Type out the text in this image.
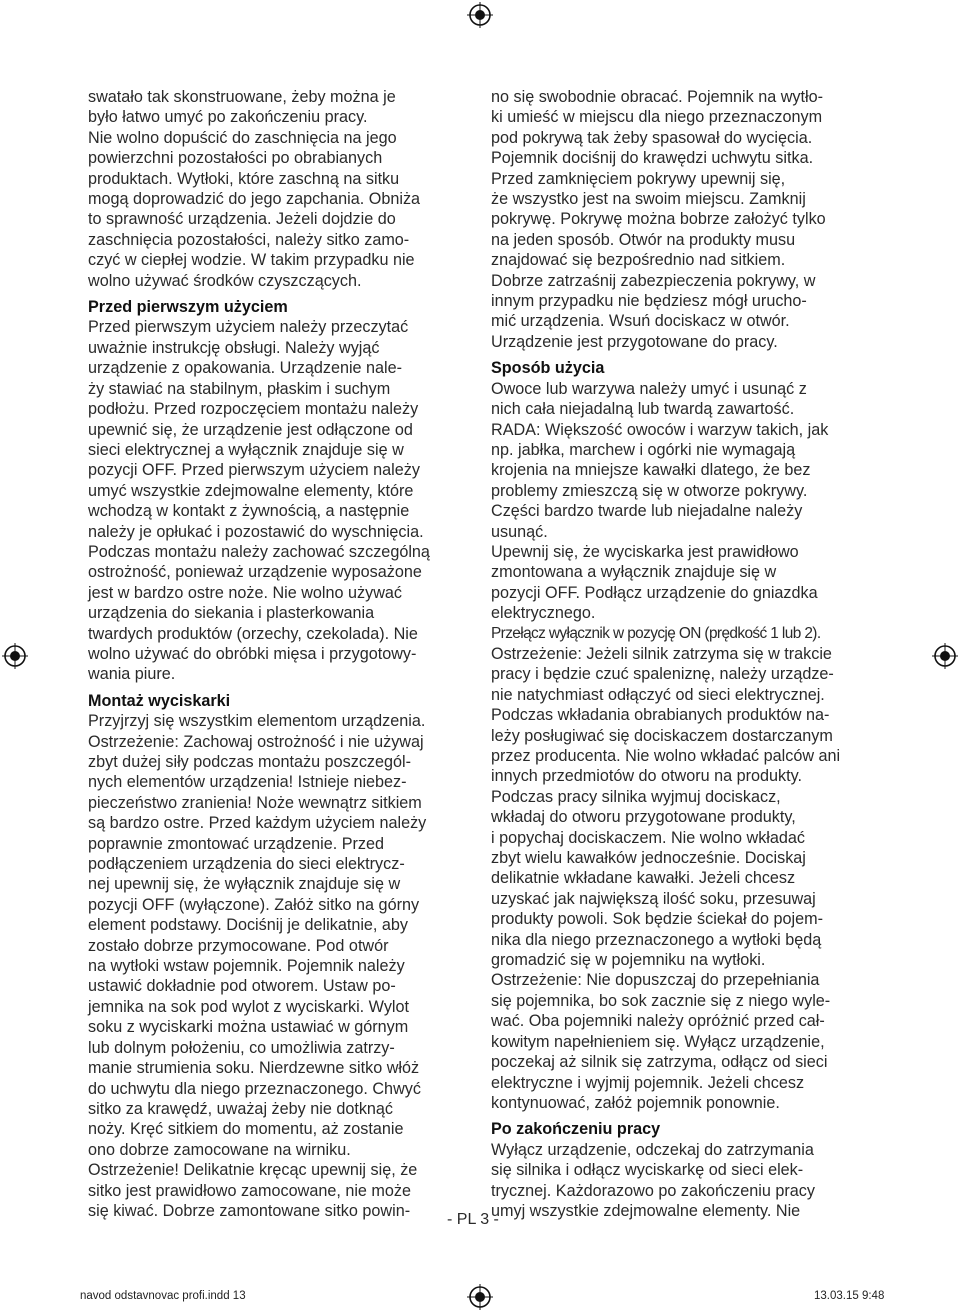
swatało tak skonstruowane, żeby można je
było łatwo umyć po zakończeniu pracy.
Nie wolno dopuścić do zaschnięcia na jego
powierzchni pozostałości po obrabianych
produktach. Wytłoki, które zaschną na sitku
mogą doprowadzić do jego zapchania. Obniża
to sprawność urządzenia. Jeżeli dojdzie do
zaschnięcia pozostałości, należy sitko zamo-
czyć w ciepłej wodzie. W takim przypadku nie
wolno używać środków czyszczących.
Przed pierwszym użyciem
Przed pierwszym użyciem należy przeczytać
uważnie instrukcję obsługi. Należy wyjąć
urządzenie z opakowania. Urządzenie nale-
ży stawiać na stabilnym, płaskim i suchym
podłożu. Przed rozpoczęciem montażu należy
upewnić się, że urządzenie jest odłączone od
sieci elektrycznej a wyłącznik znajduje się w
pozycji OFF. Przed pierwszym użyciem należy
umyć wszystkie zdejmowalne elementy, które
wchodzą w kontakt z żywnością, a następnie
należy je opłukać i pozostawić do wyschnięcia.
Podczas montażu należy zachować szczególną
ostrożność, ponieważ urządzenie wyposażone
jest w bardzo ostre noże. Nie wolno używać
urządzenia do siekania i plasterkowania
twardych produktów (orzechy, czekolada). Nie
wolno używać do obróbki mięsa i przygotowy-
wania piure.
Montaż wyciskarki
Przyjrzyj się wszystkim elementom urządzenia.
Ostrzeżenie: Zachowaj ostrożność i nie używaj
zbyt dużej siły podczas montażu poszczegól-
nych elementów urządzenia! Istnieje niebez-
pieczeństwo zranienia! Noże wewnątrz sitkiem
są bardzo ostre. Przed każdym użyciem należy
poprawnie zmontować urządzenie. Przed
podłączeniem urządzenia do sieci elektrycz-
nej upewnij się, że wyłącznik znajduje się w
pozycji OFF (wyłączone). Załóż sitko na górny
element podstawy. Dociśnij je delikatnie, aby
zostało dobrze przymocowane. Pod otwór
na wytłoki wstaw pojemnik. Pojemnik należy
ustawić dokładnie pod otworem. Ustaw po-
jemnika na sok pod wylot z wyciskarki. Wylot
soku z wyciskarki można ustawiać w górnym
lub dolnym położeniu, co umożliwia zatrzy-
manie strumienia soku. Nierdzewne sitko włóż
do uchwytu dla niego przeznaczonego. Chwyć
sitko za krawędź, uważaj żeby nie dotknąć
noży. Kręć sitkiem do momentu, aż zostanie
ono dobrze zamocowane na wirniku.
Ostrzeżenie! Delikatnie kręcąc upewnij się, że
sitko jest prawidłowo zamocowane, nie może
się kiwać. Dobrze zamontowane sitko powin-
no się swobodnie obracać. Pojemnik na wytło-
ki umieść w miejscu dla niego przeznaczonym
pod pokrywą tak żeby spasował do wycięcia.
Pojemnik dociśnij do krawędzi uchwytu sitka.
Przed zamknięciem pokrywy upewnij się,
że wszystko jest na swoim miejscu. Zamknij
pokrywę. Pokrywę można bobrze założyć tylko
na jeden sposób. Otwór na produkty musu
znajdować się bezpośrednio nad sitkiem.
Dobrze zatrzaśnij zabezpieczenia pokrywy, w
innym przypadku nie będziesz mógł urucho-
mić urządzenia. Wsuń dociskacz w otwór.
Urządzenie jest przygotowane do pracy.
Sposób użycia
Owoce lub warzywa należy umyć i usunąć z
nich cała niejadalną lub twardą zawartość.
RADA: Większość owoców i warzyw takich, jak
np. jabłka, marchew i ogórki nie wymagają
krojenia na mniejsze kawałki dlatego, że bez
problemy zmieszczą się w otworze pokrywy.
Części bardzo twarde lub niejadalne należy
usunąć.
Upewnij się, że wyciskarka jest prawidłowo
zmontowana a wyłącznik znajduje się w
pozycji OFF. Podłącz urządzenie do gniazdka
elektrycznego.
Przełącz wyłącznik w pozycję ON (prędkość 1 lub 2).
Ostrzeżenie: Jeżeli silnik zatrzyma się w trakcie
pracy i będzie czuć spaleniznę, należy urządze-
nie natychmiast odłączyć od sieci elektrycznej.
Podczas wkładania obrabianych produktów na-
leży posługiwać się dociskaczem dostarczanym
przez producenta. Nie wolno wkładać palców ani
innych przedmiotów do otworu na produkty.
Podczas pracy silnika wyjmuj dociskacz,
wkładaj do otworu przygotowane produkty,
i popychaj dociskaczem. Nie wolno wkładać
zbyt wielu kawałków jednocześnie. Dociskaj
delikatnie wkładane kawałki. Jeżeli chcesz
uzyskać jak największą ilość soku, przesuwaj
produkty powoli. Sok będzie ściekał do pojem-
nika dla niego przeznaczonego a wytłoki będą
gromadzić się w pojemniku na wytłoki.
Ostrzeżenie: Nie dopuszczaj do przepełniania
się pojemnika, bo sok zacznie się z niego wyle-
wać. Oba pojemniki należy opróżnić przed cał-
kowitym napełnieniem się. Wyłącz urządzenie,
poczekaj aż silnik się zatrzyma, odłącz od sieci
elektryczne i wyjmij pojemnik. Jeżeli chcesz
kontynuować, załóż pojemnik ponownie.
Po zakończeniu pracy
Wyłącz urządzenie, odczekaj do zatrzymania
się silnika i odłącz wyciskarkę od sieci elek-
trycznej. Każdorazowo po zakończeniu pracy
umyj wszystkie zdejmowalne elementy. Nie
- PL 3 -
navod odstavnovac profi.indd 13	13.03.15 9:48
